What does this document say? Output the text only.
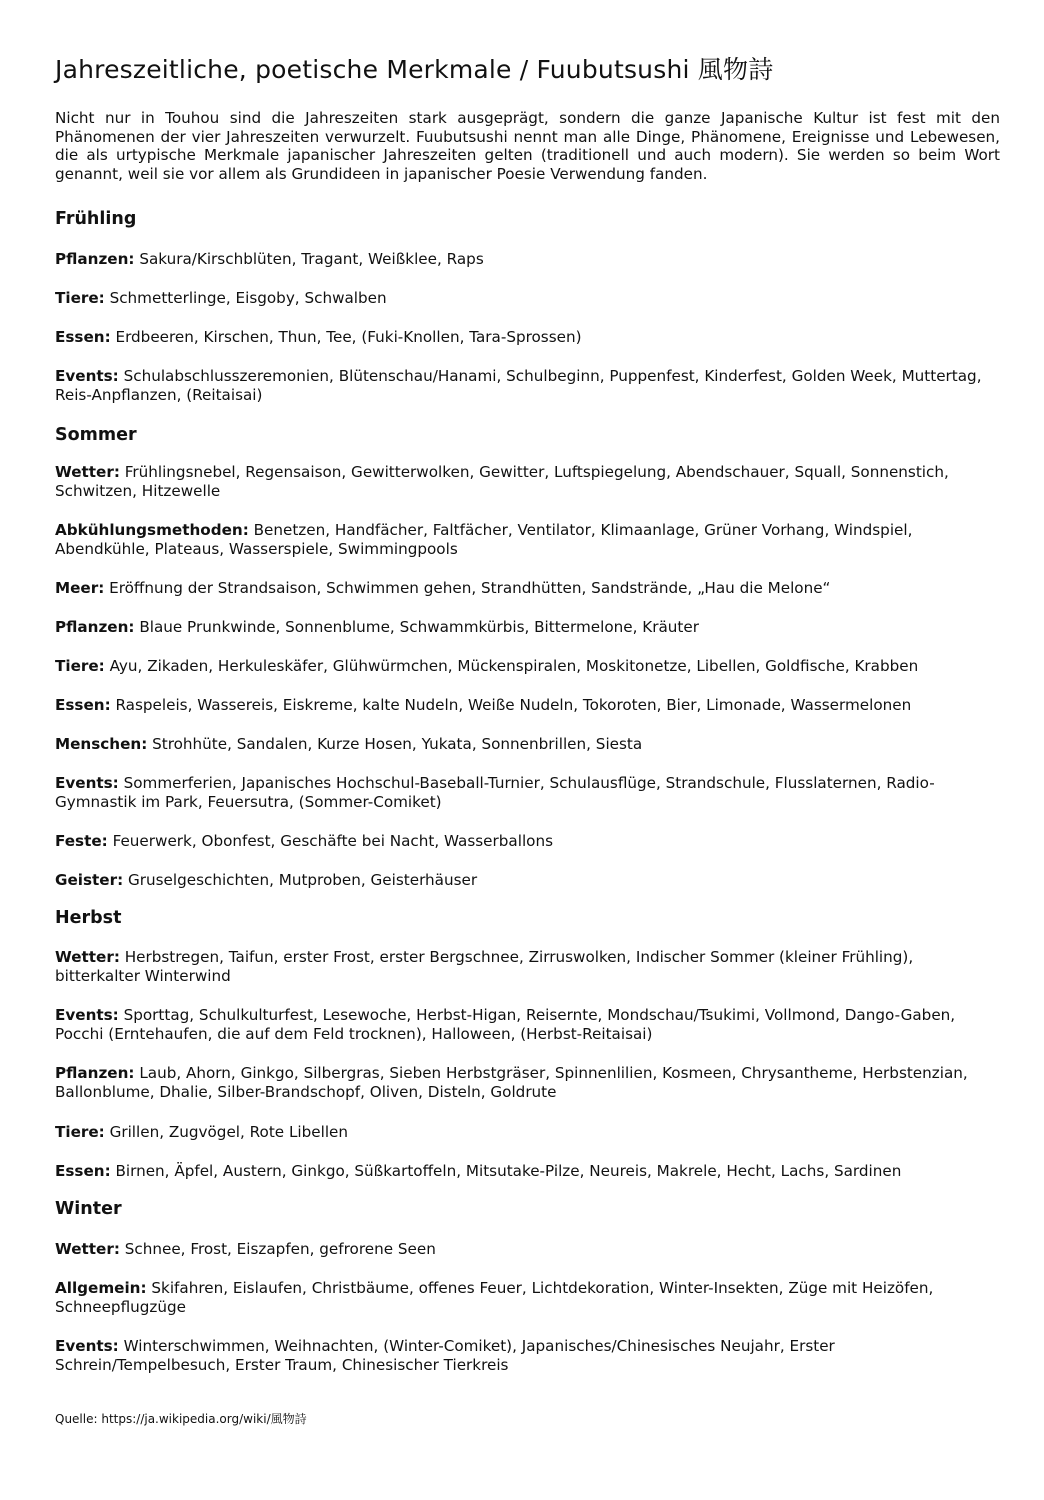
Jahreszeitliche, poetische Merkmale / Fuubutsushi 風物詩

Nicht nur in Touhou sind die Jahreszeiten stark ausgeprägt, sondern die ganze Japanische Kultur ist fest mit den Phänomenen der vier Jahreszeiten verwurzelt. Fuubutsushi nennt man alle Dinge, Phänomene, Ereignisse und Lebewesen, die als urtypische Merkmale japanischer Jahreszeiten gelten (traditionell und auch modern). Sie werden so beim Wort genannt, weil sie vor allem als Grundideen in japanischer Poesie Verwendung fanden.

Frühling

Pflanzen: Sakura/Kirschblüten, Tragant, Weißklee, Raps

Tiere: Schmetterlinge, Eisgoby, Schwalben

Essen: Erdbeeren, Kirschen, Thun, Tee, (Fuki-Knollen, Tara-Sprossen)

Events: Schulabschlusszeremonien, Blütenschau/Hanami, Schulbeginn, Puppenfest, Kinderfest, Golden Week, Muttertag, Reis-Anpflanzen, (Reitaisai)

Sommer

Wetter: Frühlingsnebel, Regensaison, Gewitterwolken, Gewitter, Luftspiegelung, Abendschauer, Squall, Sonnenstich, Schwitzen, Hitzewelle

Abkühlungsmethoden: Benetzen, Handfächer, Faltfächer, Ventilator, Klimaanlage, Grüner Vorhang, Windspiel, Abendkühle, Plateaus, Wasserspiele, Swimmingpools

Meer: Eröffnung der Strandsaison, Schwimmen gehen, Strandhütten, Sandstrände, „Hau die Melone“

Pflanzen: Blaue Prunkwinde, Sonnenblume, Schwammkürbis, Bittermelone, Kräuter

Tiere: Ayu, Zikaden, Herkuleskäfer, Glühwürmchen, Mückenspiralen, Moskitonetze, Libellen, Goldfische, Krabben

Essen: Raspeleis, Wassereis, Eiskreme, kalte Nudeln, Weiße Nudeln, Tokoroten, Bier, Limonade, Wassermelonen

Menschen: Strohhüte, Sandalen, Kurze Hosen, Yukata, Sonnenbrillen, Siesta

Events: Sommerferien, Japanisches Hochschul-Baseball-Turnier, Schulausflüge, Strandschule, Flusslaternen, Radio-Gymnastik im Park, Feuersutra, (Sommer-Comiket)

Feste: Feuerwerk, Obonfest, Geschäfte bei Nacht, Wasserballons

Geister: Gruselgeschichten, Mutproben, Geisterhäuser

Herbst

Wetter: Herbstregen, Taifun, erster Frost, erster Bergschnee, Zirruswolken, Indischer Sommer (kleiner Frühling), bitterkalter Winterwind

Events: Sporttag, Schulkulturfest, Lesewoche, Herbst-Higan, Reisernte, Mondschau/Tsukimi, Vollmond, Dango-Gaben, Pocchi (Erntehaufen, die auf dem Feld trocknen), Halloween, (Herbst-Reitaisai)

Pflanzen: Laub, Ahorn, Ginkgo, Silbergras, Sieben Herbstgräser, Spinnenlilien, Kosmeen, Chrysantheme, Herbstenzian, Ballonblume, Dhalie, Silber-Brandschopf, Oliven, Disteln, Goldrute

Tiere: Grillen, Zugvögel, Rote Libellen

Essen: Birnen, Äpfel, Austern, Ginkgo, Süßkartoffeln, Mitsutake-Pilze, Neureis, Makrele, Hecht, Lachs, Sardinen

Winter

Wetter: Schnee, Frost, Eiszapfen, gefrorene Seen

Allgemein: Skifahren, Eislaufen, Christbäume, offenes Feuer, Lichtdekoration, Winter-Insekten, Züge mit Heizöfen, Schneepflugzüge

Events: Winterschwimmen, Weihnachten, (Winter-Comiket), Japanisches/Chinesisches Neujahr, Erster Schrein/Tempelbesuch, Erster Traum, Chinesischer Tierkreis

Quelle: https://ja.wikipedia.org/wiki/風物詩
